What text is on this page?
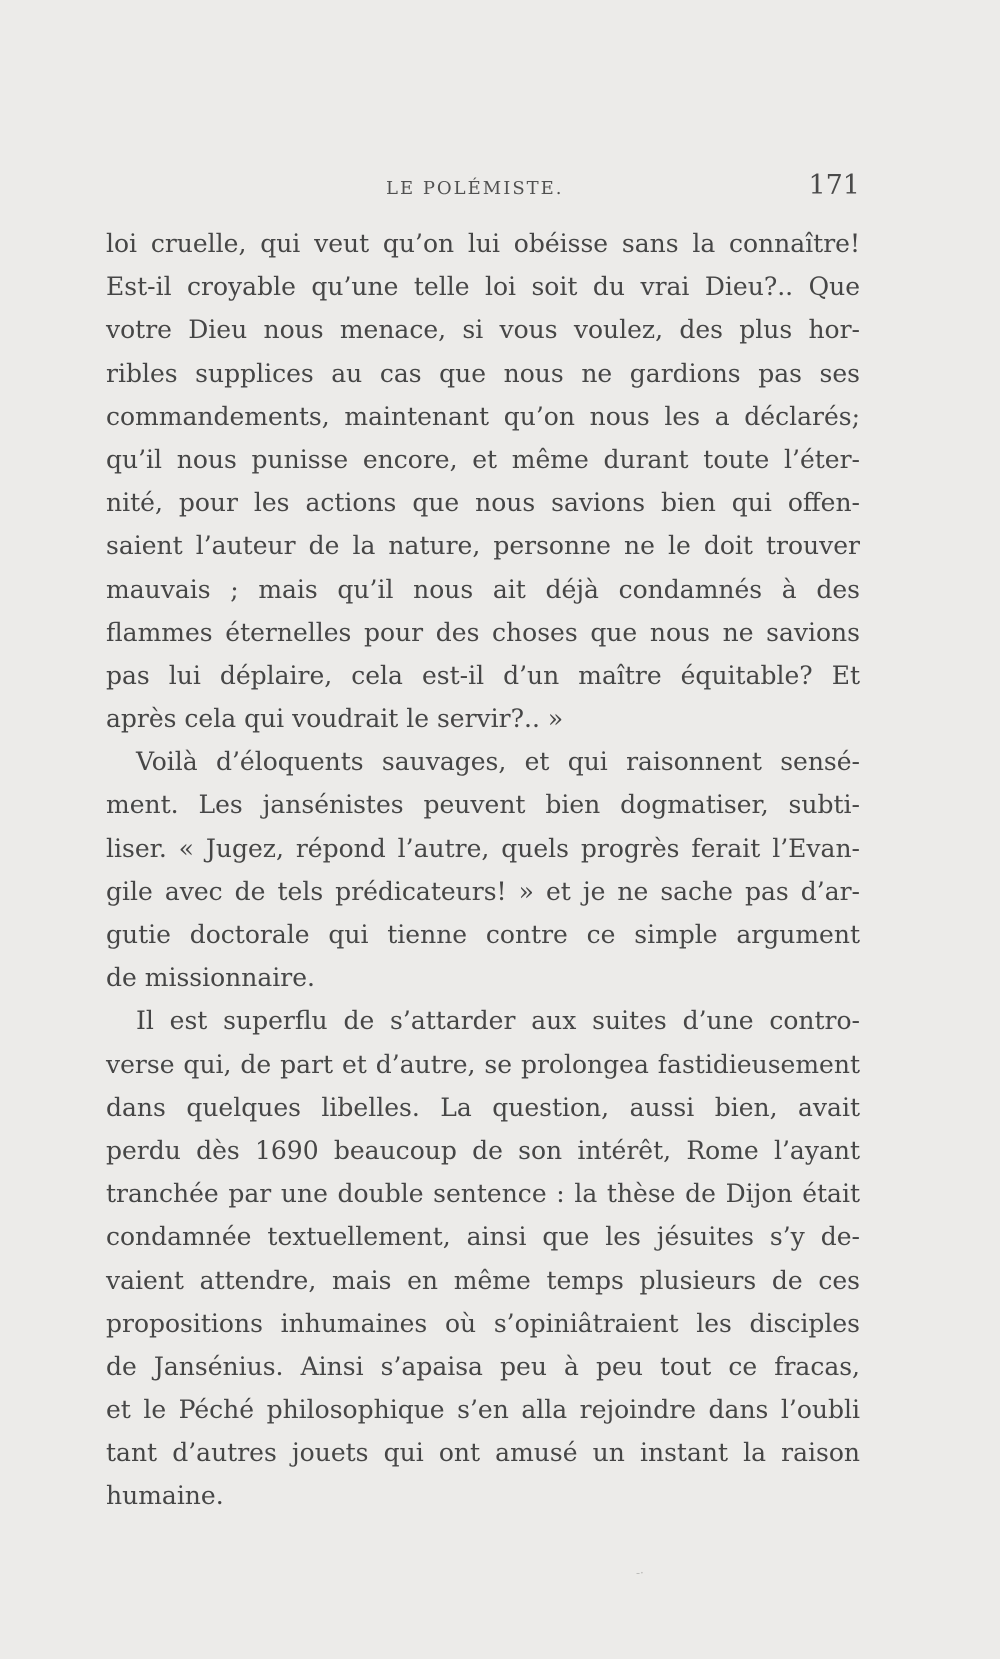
LE POLÉMISTE.	171
loi cruelle, qui veut qu’on lui obéisse sans la connaître!
Est-il croyable qu’une telle loi soit du vrai Dieu?.. Que
votre Dieu nous menace, si vous voulez, des plus hor-
ribles supplices au cas que nous ne gardions pas ses
commandements, maintenant qu’on nous les a déclarés;
qu’il nous punisse encore, et même durant toute l’éter-
nité, pour les actions que nous savions bien qui offen-
saient l’auteur de la nature, personne ne le doit trouver
mauvais ; mais qu’il nous ait déjà condamnés à des
flammes éternelles pour des choses que nous ne savions
pas lui déplaire, cela est-il d’un maître équitable? Et
après cela qui voudrait le servir?.. »
Voilà d’éloquents sauvages, et qui raisonnent sensé-
ment. Les jansénistes peuvent bien dogmatiser, subti-
liser. « Jugez, répond l’autre, quels progrès ferait l’Evan-
gile avec de tels prédicateurs! » et je ne sache pas d’ar-
gutie doctorale qui tienne contre ce simple argument
de missionnaire.
Il est superflu de s’attarder aux suites d’une contro-
verse qui, de part et d’autre, se prolongea fastidieusement
dans quelques libelles. La question, aussi bien, avait
perdu dès 1690 beaucoup de son intérêt, Rome l’ayant
tranchée par une double sentence : la thèse de Dijon était
condamnée textuellement, ainsi que les jésuites s’y de-
vaient attendre, mais en même temps plusieurs de ces
propositions inhumaines où s’opiniâtraient les disciples
de Jansénius. Ainsi s’apaisa peu à peu tout ce fracas,
et le Péché philosophique s’en alla rejoindre dans l’oubli
tant d’autres jouets qui ont amusé un instant la raison
humaine.
-·
